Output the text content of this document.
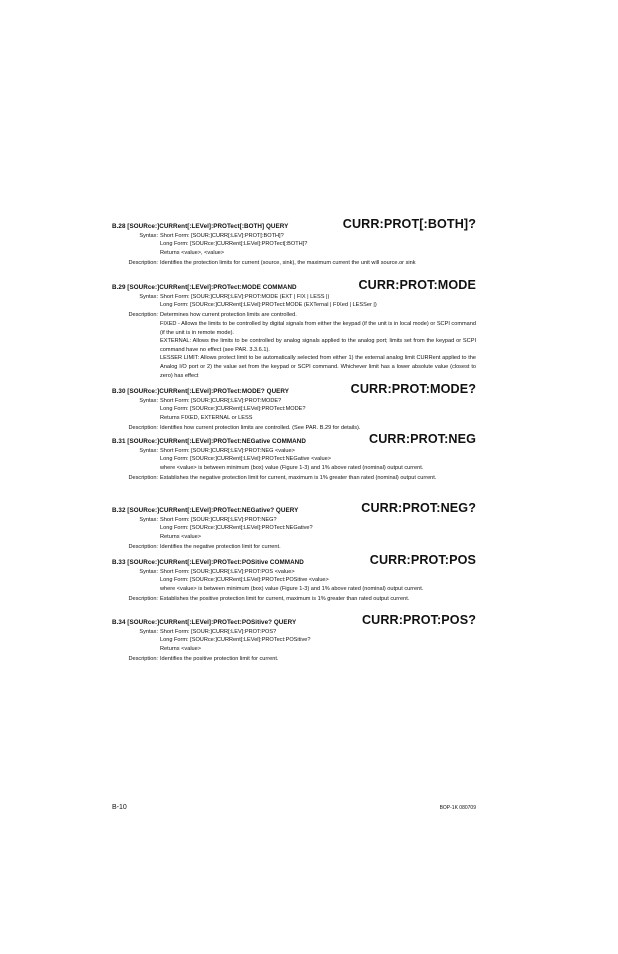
B.28 [SOURce:]CURRent[:LEVel]:PROTect[:BOTH] QUERY	CURR:PROT[:BOTH]?
Syntax: Short Form: [SOUR:]CURR[:LEV]:PROT[:BOTH]?
Long Form: [SOURce:]CURRent[:LEVel]:PROTect[:BOTH]?
Returns <value>, <value>
Description: Identifies the protection limits for current (source, sink), the maximum current the unit will source.or sink
B.29 [SOURce:]CURRent[:LEVel]:PROTect:MODE COMMAND	CURR:PROT:MODE
Syntax: Short Form: [SOUR:]CURR[:LEV]:PROT:MODE (EXT | FIX | LESS |)
Long Form: [SOURce:]CURRent[:LEVel]:PROTect:MODE (EXTernal | FIXed | LESSer |)
Description: Determines how current protection limits are controlled.
FIXED - Allows the limits to be controlled by digital signals from either the keypad (if the unit is in local mode) or SCPI command (if the unit is in remote mode).
EXTERNAL: Allows the limits to be controlled by analog signals applied to the analog port; limits set from the keypad or SCPI command have no effect (see PAR. 3.3.6.1).
LESSER LIMIT: Allows protect limit to be automatically selected from either 1) the external analog limit CURRent applied to the Analog I/O port or 2) the value set from the keypad or SCPI command. Whichever limit has a lower absolute value (closest to zero) has effect
B.30 [SOURce:]CURRent[:LEVel]:PROTect:MODE? QUERY	CURR:PROT:MODE?
Syntax: Short Form: [SOUR:]CURR[:LEV]:PROT:MODE?
Long Form: [SOURce:]CURRent[:LEVel]:PROTect:MODE?
Returns FIXED, EXTERNAL or LESS
Description: Identifies how current protection limits are controlled. (See PAR. B.29 for details).
B.31 [SOURce:]CURRent[:LEVel]:PROTect:NEGative COMMAND	CURR:PROT:NEG
Syntax: Short Form: [SOUR:]CURR[:LEV]:PROT:NEG <value>
Long Form: [SOURce:]CURRent[:LEVel]:PROTect:NEGative <value>
where <value> is between minimum (box) value (Figure 1-3) and 1% above rated (nominal) output current.
Description: Establishes the negative protection limit for current, maximum is 1% greater than rated (nominal) output current.
B.32 [SOURce:]CURRent[:LEVel]:PROTect:NEGative? QUERY	CURR:PROT:NEG?
Syntax: Short Form: [SOUR:]CURR[:LEV]:PROT:NEG?
Long Form: [SOURce:]CURRent[:LEVel]:PROTect:NEGative?
Returns <value>
Description: Identifies the negative protection limit for current.
B.33 [SOURce:]CURRent[:LEVel]:PROTect:POSitive COMMAND	CURR:PROT:POS
Syntax: Short Form: [SOUR:]CURR[:LEV]:PROT:POS <value>
Long Form: [SOURce:]CURRent[:LEVel]:PROTect:POSitive <value>
where <value> is between minimum (box) value (Figure 1-3) and 1% above rated (nominal) output current.
Description: Establishes the positive protection limit for current, maximum is 1% greater than rated output current.
B.34 [SOURce:]CURRent[:LEVel]:PROTect:POSitive? QUERY	CURR:PROT:POS?
Syntax: Short Form: [SOUR:]CURR[:LEV]:PROT:POS?
Long Form: [SOURce:]CURRent[:LEVel]:PROTect:POSitive?
Returns <value>
Description: Identifies the positive protection limit for current.
B-10	BOP-1K 080709
